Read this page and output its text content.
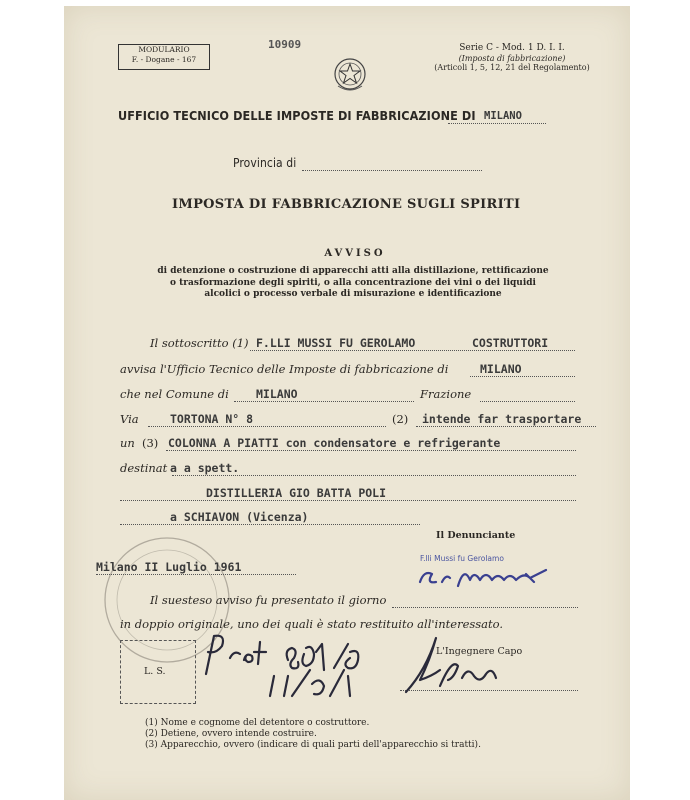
MODULARIO
F. - Dogane - 167
10909	Serie C - Mod. 1 D. I. I.
(Imposta di fabbricazione)
(Articoli 1, 5, 12, 21 del Regolamento)
UFFICIO TECNICO DELLE IMPOSTE DI FABBRICAZIONE DI MILANO
Provincia di
IMPOSTA DI FABBRICAZIONE SUGLI SPIRITI
AVVISO
di detenzione o costruzione di apparecchi atti alla distillazione, rettificazione
o trasformazione degli spiriti, o alla concentrazione dei vini o dei liquidi
alcolici o processo verbale di misurazione e identificazione
Il sottoscritto (1) F.LLI MUSSI FU GEROLAMO	COSTRUTTORI
avvisa l'Ufficio Tecnico delle Imposte di fabbricazione di	MILANO
che nel Comune di MILANO	Frazione
Via	TORTONA N° 8	(2) intende far trasportare
un (3) COLONNA A PIATTI con condensatore e refrigerante
destinat a a spett.
DISTILLERIA GIO BATTA POLI
a SCHIAVON (Vicenza)
Il Denunciante
Milano II Luglio 1961
F.lli Mussi fu Gerolamo
Il suesteso avviso fu presentato il giorno
in doppio originale, uno dei quali è stato restituito all'interessato.
L. S.
L'Ingegnere Capo
(1) Nome e cognome del detentore o costruttore.
(2) Detiene, ovvero intende costruire.
(3) Apparecchio, ovvero (indicare di quali parti dell'apparecchio si tratti).
